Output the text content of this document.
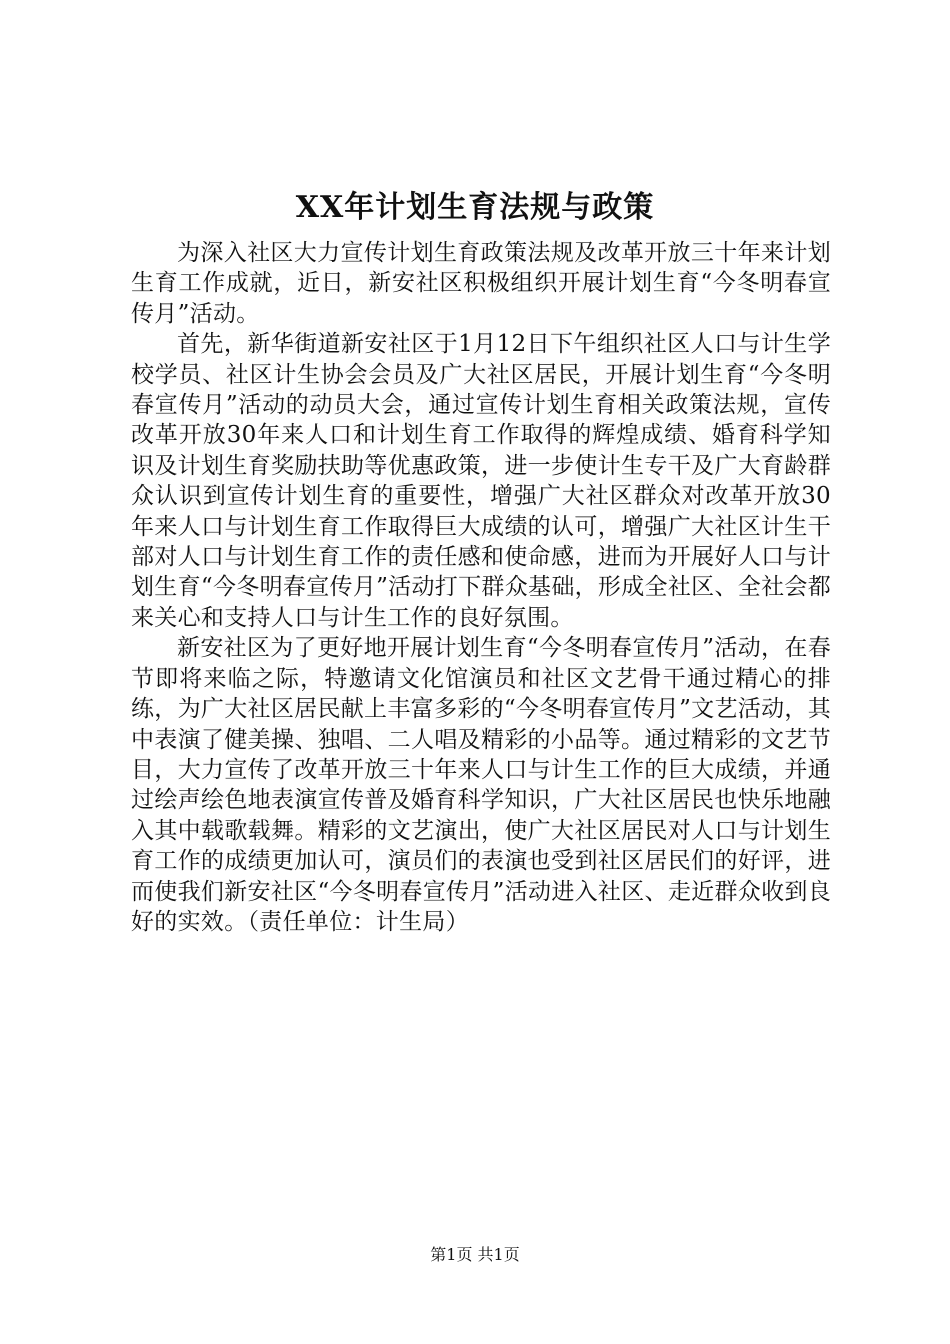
XX年计划生育法规与政策

为深入社区大力宣传计划生育政策法规及改革开放三十年来计划生育工作成就，近日，新安社区积极组织开展计划生育“今冬明春宣传月”活动。

首先，新华街道新安社区于1月12日下午组织社区人口与计生学校学员、社区计生协会会员及广大社区居民，开展计划生育“今冬明春宣传月”活动的动员大会，通过宣传计划生育相关政策法规，宣传改革开放30年来人口和计划生育工作取得的辉煌成绩、婚育科学知识及计划生育奖励扶助等优惠政策，进一步使计生专干及广大育龄群众认识到宣传计划生育的重要性，增强广大社区群众对改革开放30年来人口与计划生育工作取得巨大成绩的认可，增强广大社区计生干部对人口与计划生育工作的责任感和使命感，进而为开展好人口与计划生育“今冬明春宣传月”活动打下群众基础，形成全社区、全社会都来关心和支持人口与计生工作的良好氛围。

新安社区为了更好地开展计划生育“今冬明春宣传月”活动，在春节即将来临之际，特邀请文化馆演员和社区文艺骨干通过精心的排练，为广大社区居民献上丰富多彩的“今冬明春宣传月”文艺活动，其中表演了健美操、独唱、二人唱及精彩的小品等。通过精彩的文艺节目，大力宣传了改革开放三十年来人口与计生工作的巨大成绩，并通过绘声绘色地表演宣传普及婚育科学知识，广大社区居民也快乐地融入其中载歌载舞。精彩的文艺演出，使广大社区居民对人口与计划生育工作的成绩更加认可，演员们的表演也受到社区居民们的好评，进而使我们新安社区“今冬明春宣传月”活动进入社区、走近群众收到良好的实效。（责任单位：计生局）

第1页 共1页
